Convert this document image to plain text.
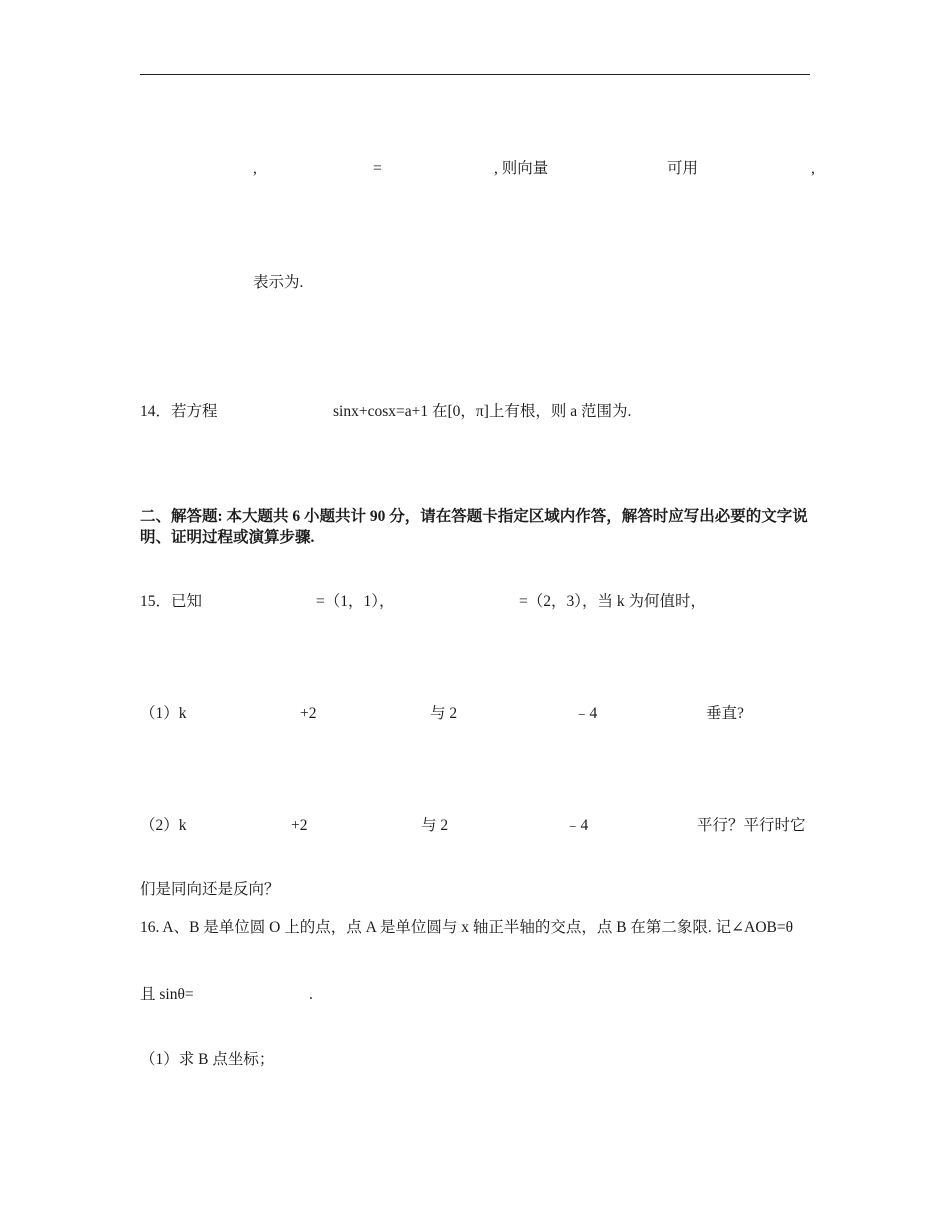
,	=	, 则向量	可用	,
表示为.
14．若方程	sinx+cosx=a+1 在[0，π]上有根，则 a 范围为.
二、解答题: 本大题共 6 小题共计 90 分，请在答题卡指定区域内作答，解答时应写出必要的文字说明、证明过程或演算步骤.
15．已知	=（1，1），	=（2，3），当 k 为何值时，
（1）k	+2	与 2	﹣4	垂直?
（2）k	+2	与 2	﹣4	平行？平行时它
们是同向还是反向？
16. A、B 是单位圆 O 上的点，点 A 是单位圆与 x 轴正半轴的交点，点 B 在第二象限. 记∠AOB=θ
且 sinθ=	.
（1）求 B 点坐标；
